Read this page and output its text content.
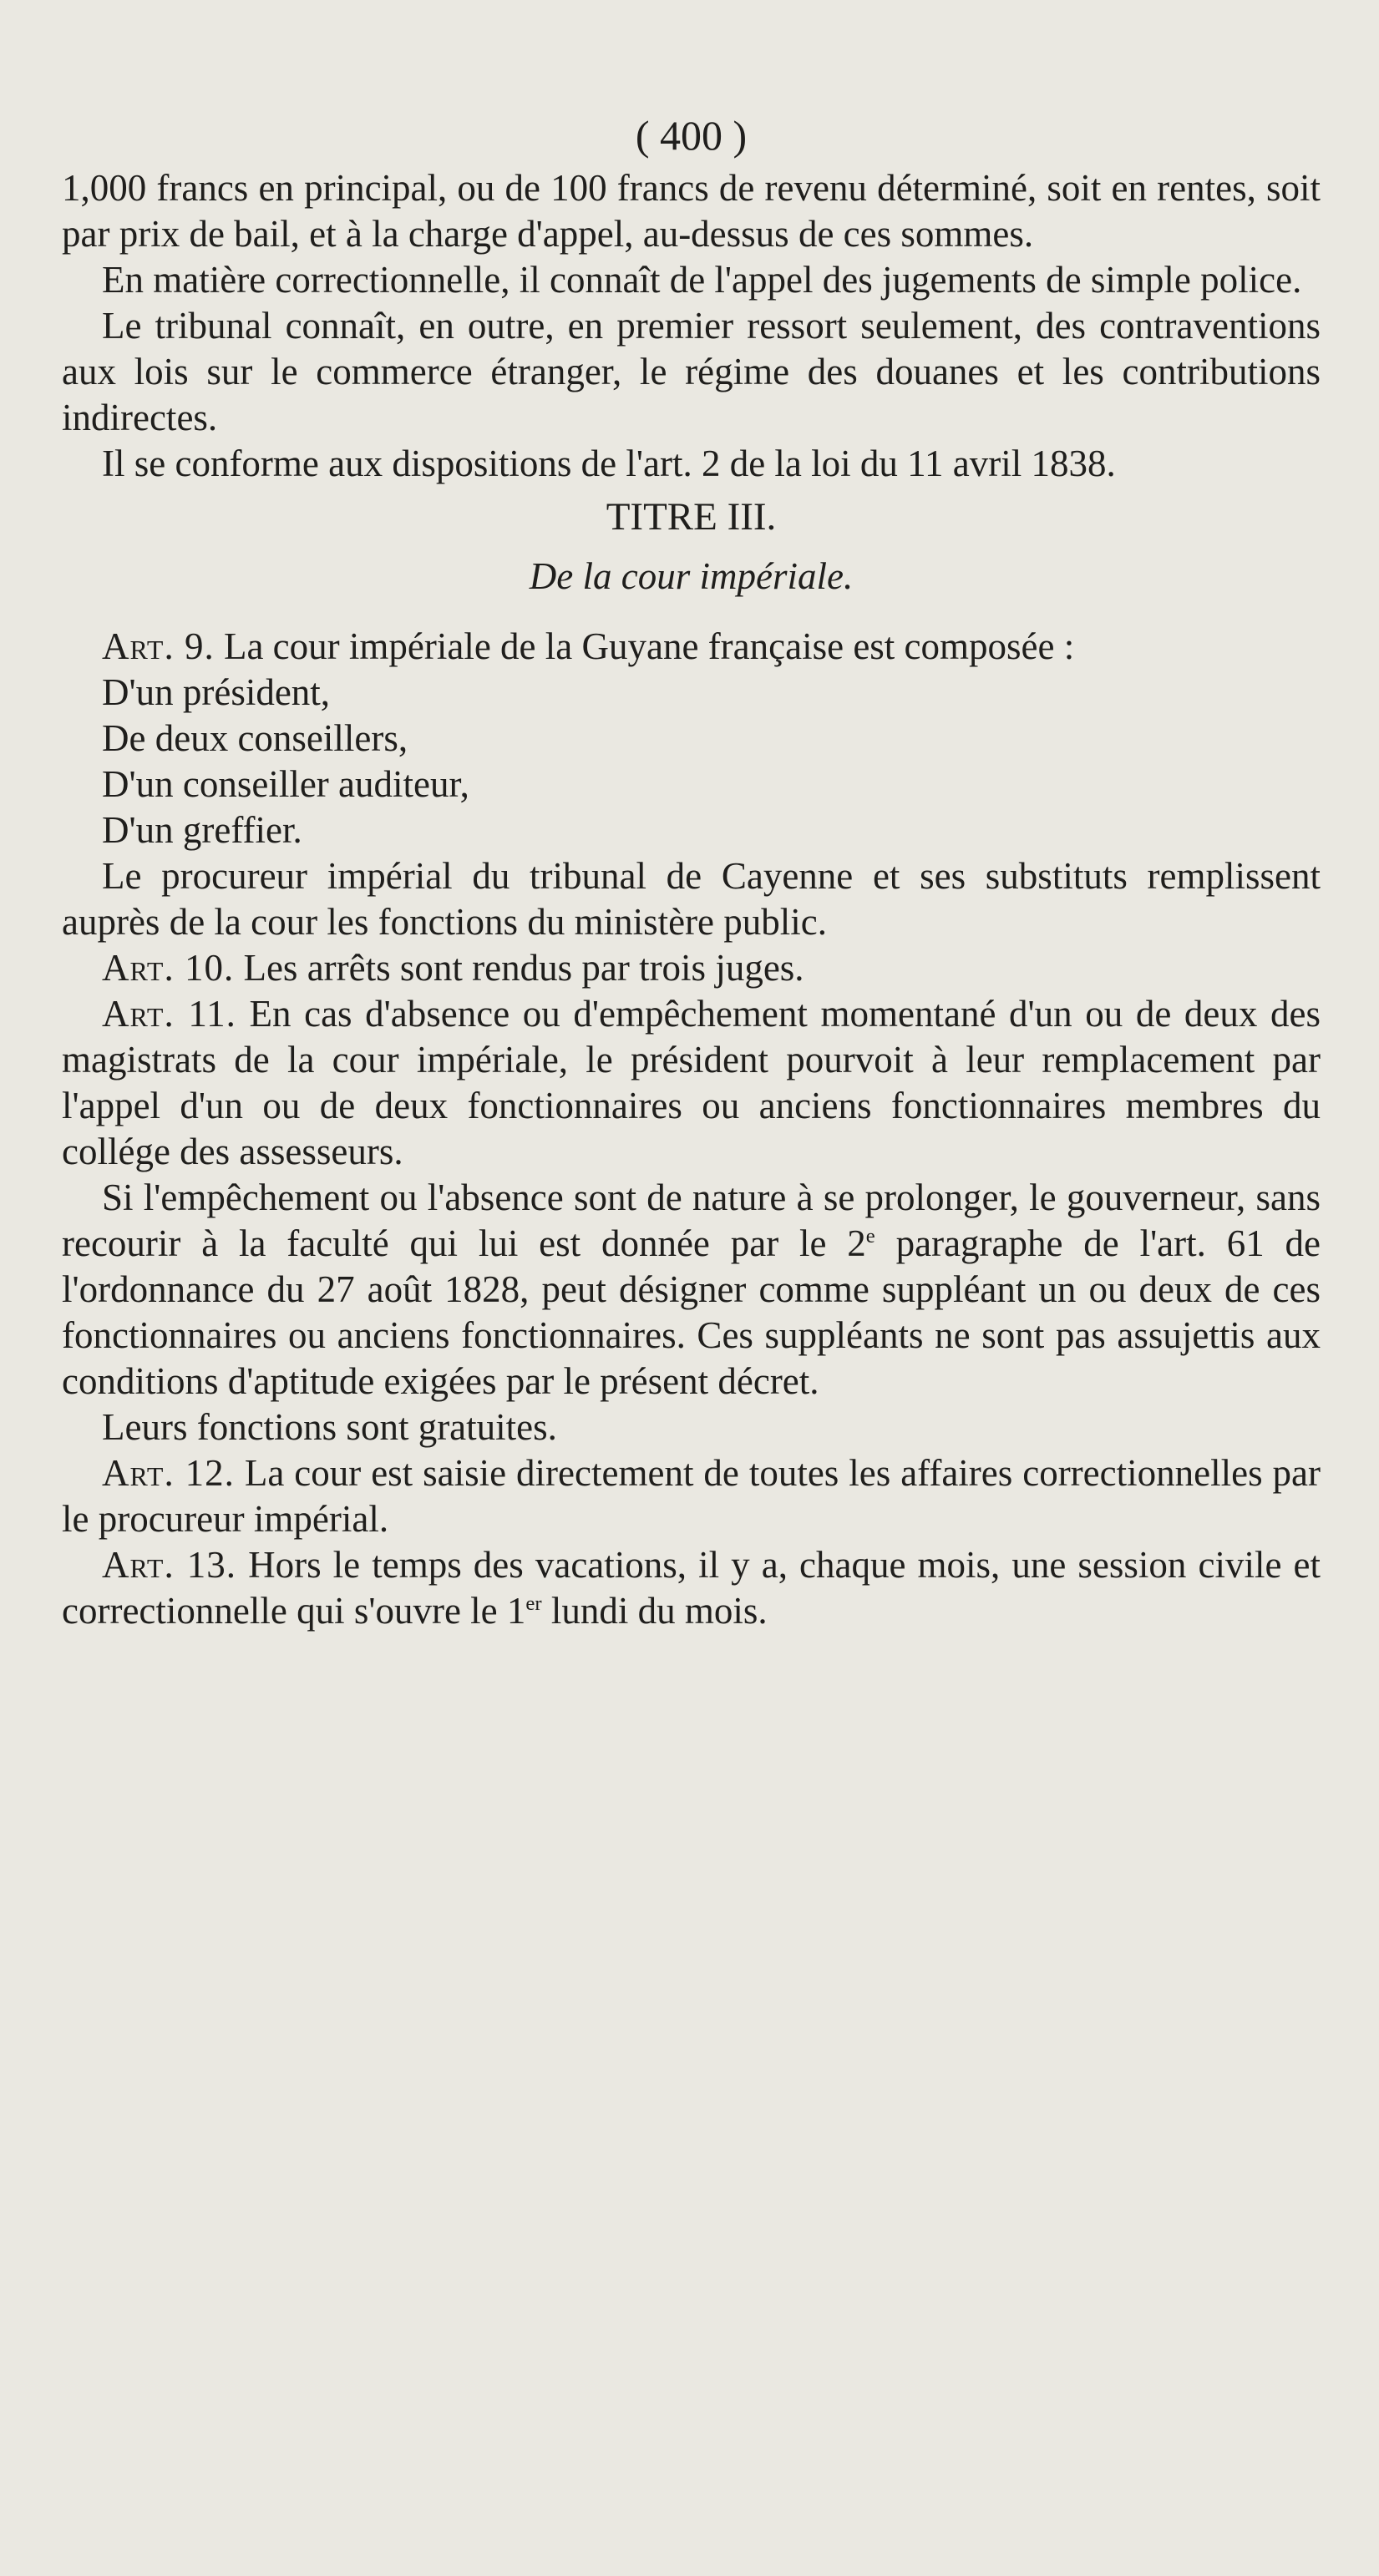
( 400 )

1,000 francs en principal, ou de 100 francs de revenu déterminé, soit en rentes, soit par prix de bail, et à la charge d'appel, au-dessus de ces sommes.

En matière correctionnelle, il connaît de l'appel des jugements de simple police.

Le tribunal connaît, en outre, en premier ressort seulement, des contraventions aux lois sur le commerce étranger, le régime des douanes et les contributions indirectes.

Il se conforme aux dispositions de l'art. 2 de la loi du 11 avril 1838.

TITRE III.
De la cour impériale.

Art. 9. La cour impériale de la Guyane française est composée :

D'un président,

De deux conseillers,

D'un conseiller auditeur,

D'un greffier.

Le procureur impérial du tribunal de Cayenne et ses substituts remplissent auprès de la cour les fonctions du ministère public.

Art. 10. Les arrêts sont rendus par trois juges.

Art. 11. En cas d'absence ou d'empêchement momentané d'un ou de deux des magistrats de la cour impériale, le président pourvoit à leur remplacement par l'appel d'un ou de deux fonctionnaires ou anciens fonctionnaires membres du collége des assesseurs.

Si l'empêchement ou l'absence sont de nature à se prolonger, le gouverneur, sans recourir à la faculté qui lui est donnée par le 2e paragraphe de l'art. 61 de l'ordonnance du 27 août 1828, peut désigner comme suppléant un ou deux de ces fonctionnaires ou anciens fonctionnaires. Ces suppléants ne sont pas assujettis aux conditions d'aptitude exigées par le présent décret.

Leurs fonctions sont gratuites.

Art. 12. La cour est saisie directement de toutes les affaires correctionnelles par le procureur impérial.

Art. 13. Hors le temps des vacations, il y a, chaque mois, une session civile et correctionnelle qui s'ouvre le 1er lundi du mois.
